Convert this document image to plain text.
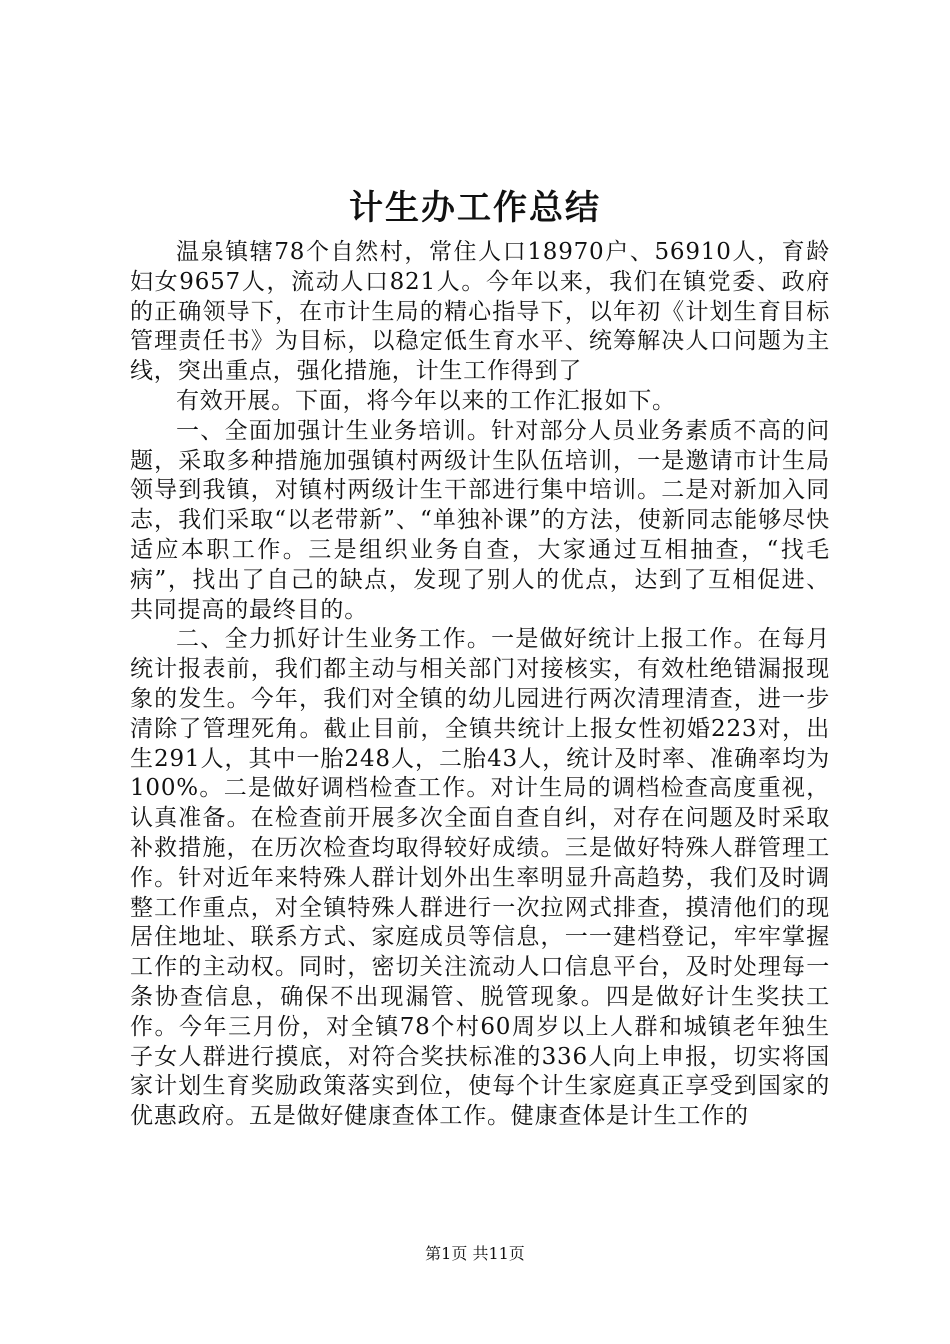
计生办工作总结

温泉镇辖78个自然村，常住人口18970户、56910人，育龄妇女9657人，流动人口821人。今年以来，我们在镇党委、政府的正确领导下，在市计生局的精心指导下，以年初《计划生育目标管理责任书》为目标，以稳定低生育水平、统筹解决人口问题为主线，突出重点，强化措施，计生工作得到了

有效开展。下面，将今年以来的工作汇报如下。

一、全面加强计生业务培训。针对部分人员业务素质不高的问题，采取多种措施加强镇村两级计生队伍培训，一是邀请市计生局领导到我镇，对镇村两级计生干部进行集中培训。二是对新加入同志，我们采取“以老带新”、“单独补课”的方法，使新同志能够尽快适应本职工作。三是组织业务自查，大家通过互相抽查，“找毛病”，找出了自己的缺点，发现了别人的优点，达到了互相促进、共同提高的最终目的。

二、全力抓好计生业务工作。一是做好统计上报工作。在每月统计报表前，我们都主动与相关部门对接核实，有效杜绝错漏报现象的发生。今年，我们对全镇的幼儿园进行两次清理清查，进一步清除了管理死角。截止目前，全镇共统计上报女性初婚223对，出生291人，其中一胎248人，二胎43人，统计及时率、准确率均为100%。二是做好调档检查工作。对计生局的调档检查高度重视，认真准备。在检查前开展多次全面自查自纠，对存在问题及时采取补救措施，在历次检查均取得较好成绩。三是做好特殊人群管理工作。针对近年来特殊人群计划外出生率明显升高趋势，我们及时调整工作重点，对全镇特殊人群进行一次拉网式排查，摸清他们的现居住地址、联系方式、家庭成员等信息，一一建档登记，牢牢掌握工作的主动权。同时，密切关注流动人口信息平台，及时处理每一条协查信息，确保不出现漏管、脱管现象。四是做好计生奖扶工作。今年三月份，对全镇78个村60周岁以上人群和城镇老年独生子女人群进行摸底，对符合奖扶标准的336人向上申报，切实将国家计划生育奖励政策落实到位，使每个计生家庭真正享受到国家的优惠政府。五是做好健康查体工作。健康查体是计生工作的

第1页 共11页
